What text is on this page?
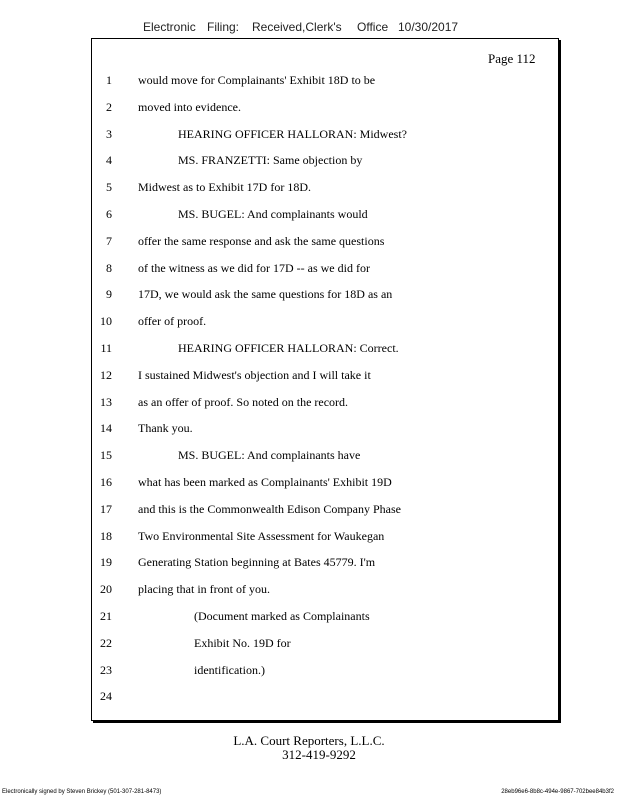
Electronic Filing: Received,Clerk's Office 10/30/2017
Page 112
1 would move for Complainants' Exhibit 18D to be
2 moved into evidence.
3	HEARING OFFICER HALLORAN: Midwest?
4	MS. FRANZETTI: Same objection by
5 Midwest as to Exhibit 17D for 18D.
6	MS. BUGEL: And complainants would
7 offer the same response and ask the same questions
8 of the witness as we did for 17D -- as we did for
9 17D, we would ask the same questions for 18D as an
10 offer of proof.
11	HEARING OFFICER HALLORAN: Correct.
12 I sustained Midwest's objection and I will take it
13 as an offer of proof. So noted on the record.
14 Thank you.
15	MS. BUGEL: And complainants have
16 what has been marked as Complainants' Exhibit 19D
17 and this is the Commonwealth Edison Company Phase
18 Two Environmental Site Assessment for Waukegan
19 Generating Station beginning at Bates 45779. I'm
20 placing that in front of you.
21	(Document marked as Complainants
22	Exhibit No. 19D for
23	identification.)
24
L.A. Court Reporters, L.L.C.
312-419-9292
Electronically signed by Steven Brickey (501-307-281-8473)	28eb96e6-8b8c-494e-9867-702bee84b3f2
